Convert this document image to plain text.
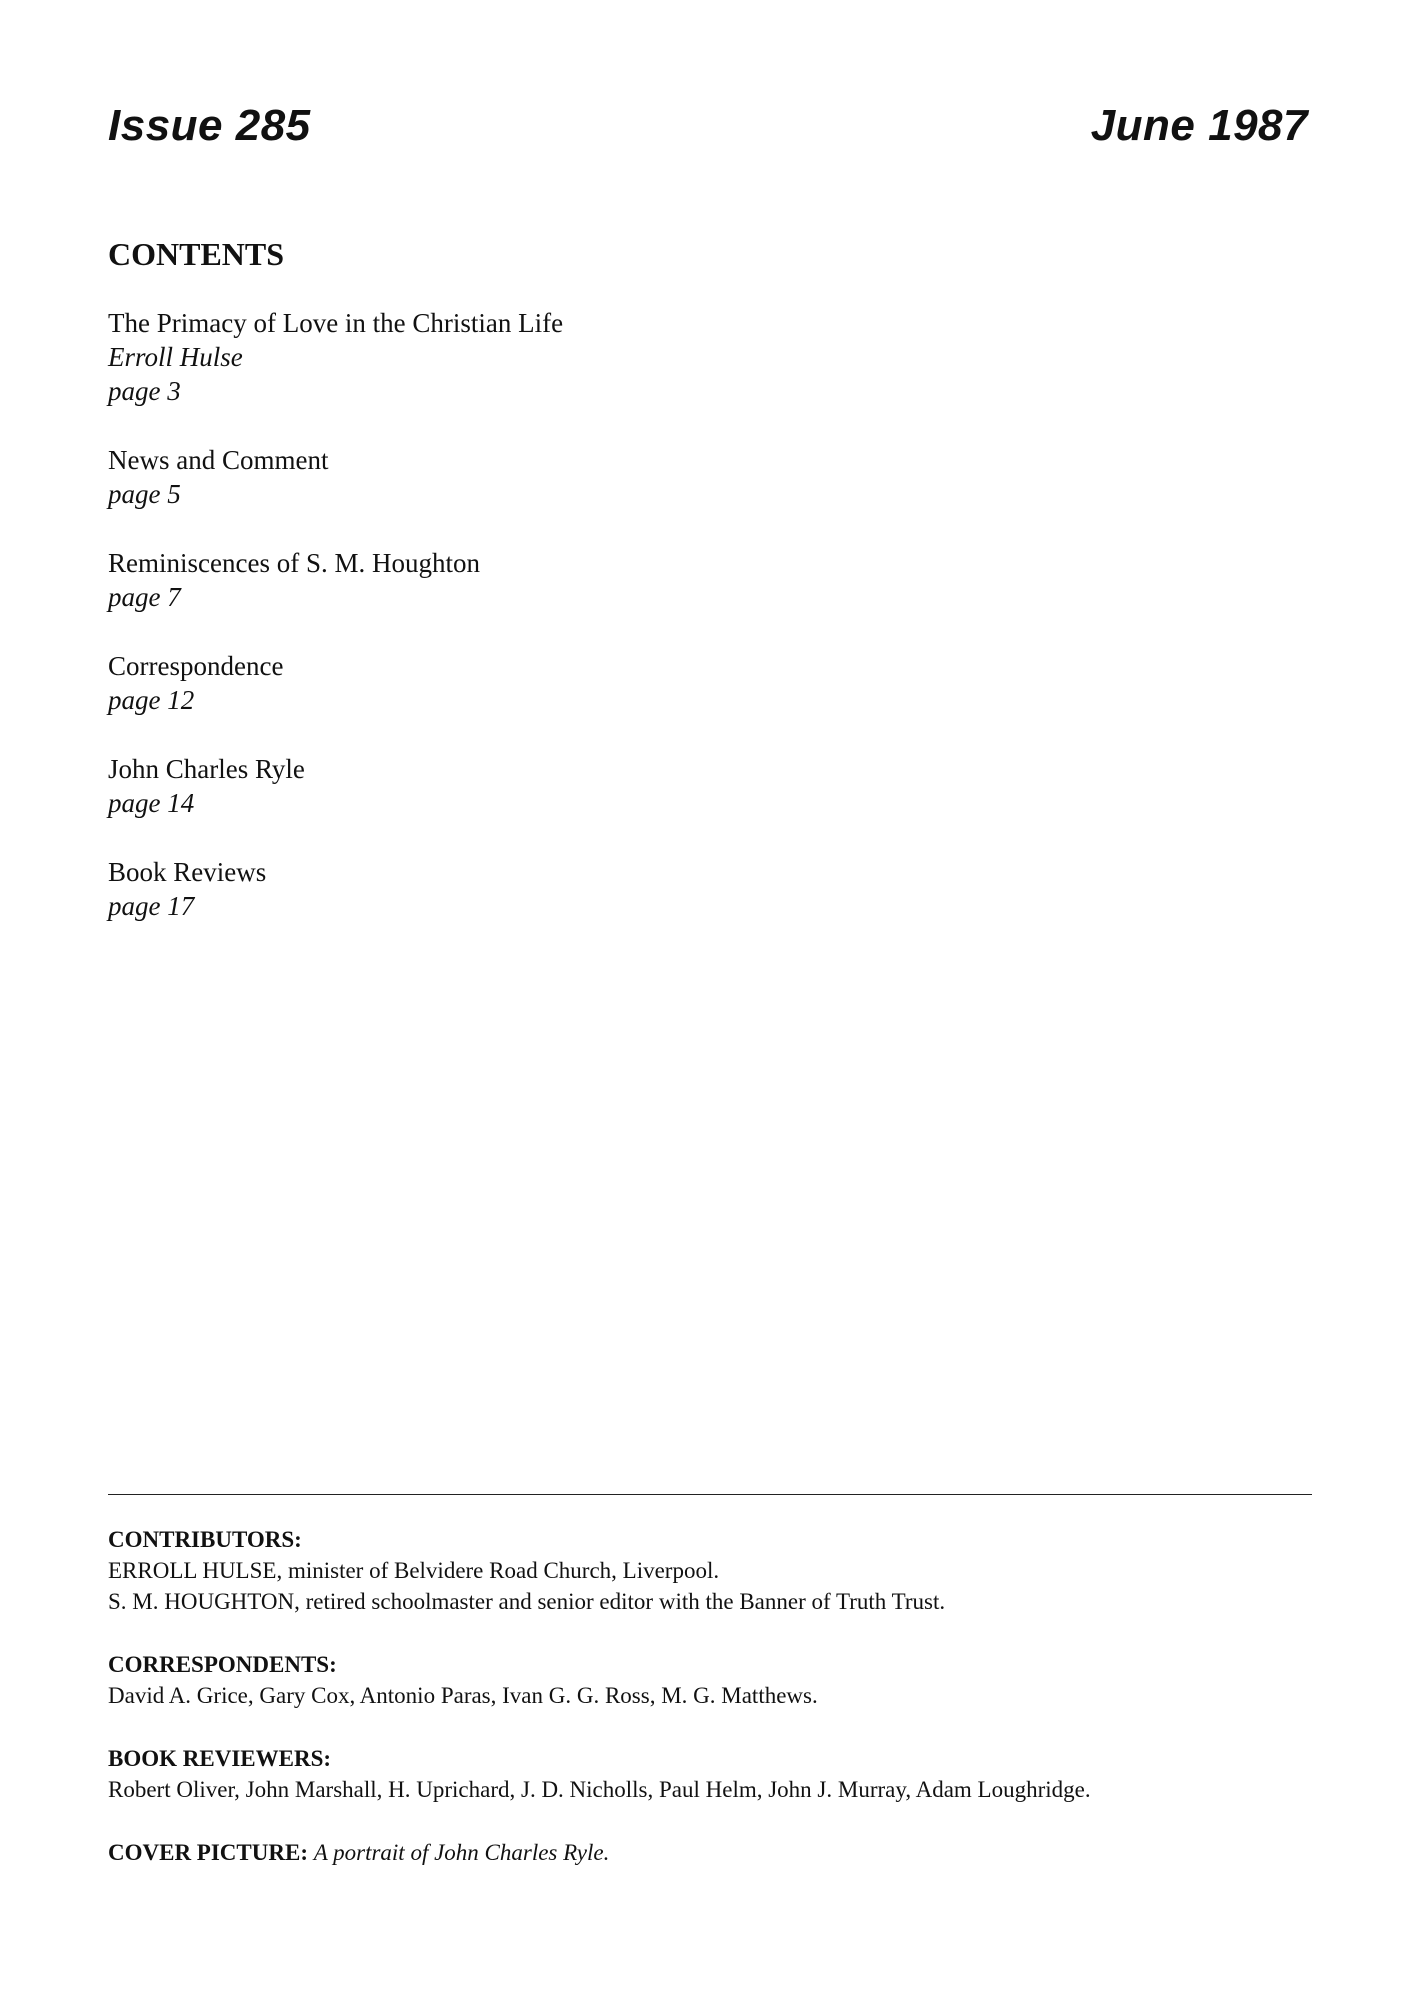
Issue 285	June 1987
CONTENTS
The Primacy of Love in the Christian Life
Erroll Hulse
page 3
News and Comment
page 5
Reminiscences of S. M. Houghton
page 7
Correspondence
page 12
John Charles Ryle
page 14
Book Reviews
page 17
CONTRIBUTORS:
ERROLL HULSE, minister of Belvidere Road Church, Liverpool.
S. M. HOUGHTON, retired schoolmaster and senior editor with the Banner of Truth Trust.
CORRESPONDENTS:
David A. Grice, Gary Cox, Antonio Paras, Ivan G. G. Ross, M. G. Matthews.
BOOK REVIEWERS:
Robert Oliver, John Marshall, H. Uprichard, J. D. Nicholls, Paul Helm, John J. Murray, Adam Loughridge.
COVER PICTURE: A portrait of John Charles Ryle.
